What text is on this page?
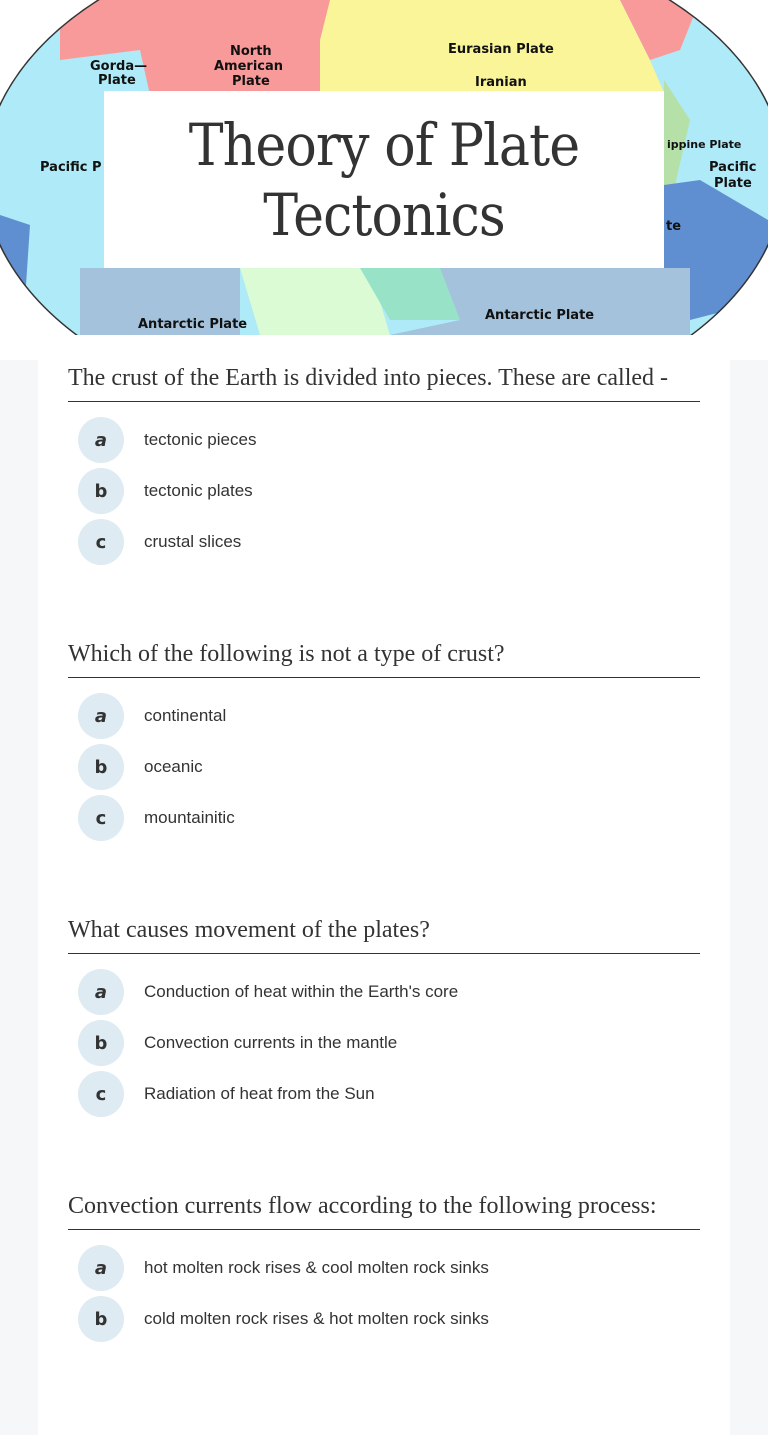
Gorda—
Plate
North
American
Plate
Eurasian Plate
Iranian
Pacific P	Pacific
Plate
ippine Plate
te
Antarctic Plate
Antarctic Plate
Theory of Plate Tectonics
The crust of the Earth is divided into pieces. These are called -
a	tectonic pieces
b	tectonic plates
c	crustal slices
Which of the following is not a type of crust?
a	continental
b	oceanic
c	mountainitic
What causes movement of the plates?
a	Conduction of heat within the Earth's core
b	Convection currents in the mantle
c	Radiation of heat from the Sun
Convection currents flow according to the following process:
a	hot molten rock rises & cool molten rock sinks
b	cold molten rock rises & hot molten rock sinks
